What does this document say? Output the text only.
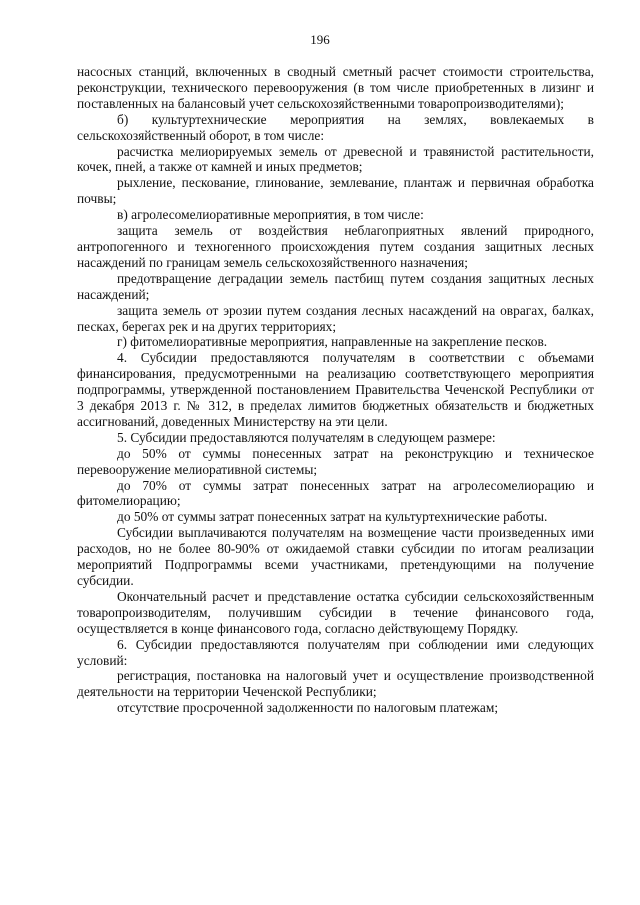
196

насосных станций, включенных в сводный сметный расчет стоимости строительства, реконструкции, технического перевооружения (в том числе приобретенных в лизинг и поставленных на балансовый учет сельскохозяйственными товаропроизводителями);

б) культуртехнические мероприятия на землях, вовлекаемых в сельскохозяйственный оборот, в том числе:

расчистка мелиорируемых земель от древесной и травянистой растительности, кочек, пней, а также от камней и иных предметов;

рыхление, пескование, глинование, землевание, плантаж и первичная обработка почвы;

в) агролесомелиоративные мероприятия, в том числе:

защита земель от воздействия неблагоприятных явлений природного, антропогенного и техногенного происхождения путем создания защитных лесных насаждений по границам земель сельскохозяйственного назначения;

предотвращение деградации земель пастбищ путем создания защитных лесных насаждений;

защита земель от эрозии путем создания лесных насаждений на оврагах, балках, песках, берегах рек и на других территориях;

г) фитомелиоративные мероприятия, направленные на закрепление песков.

4. Субсидии предоставляются получателям в соответствии с объемами финансирования, предусмотренными на реализацию соответствующего мероприятия подпрограммы, утвержденной постановлением Правительства Чеченской Республики от 3 декабря 2013 г. № 312, в пределах лимитов бюджетных обязательств и бюджетных ассигнований, доведенных Министерству на эти цели.

5. Субсидии предоставляются получателям в следующем размере:

до 50% от суммы понесенных затрат на реконструкцию и техническое перевооружение мелиоративной системы;

до 70% от суммы затрат понесенных затрат на агролесомелиорацию и фитомелиорацию;

до 50% от суммы затрат понесенных затрат на культуртехнические работы.

Субсидии выплачиваются получателям на возмещение части произведенных ими расходов, но не более 80-90% от ожидаемой ставки субсидии по итогам реализации мероприятий Подпрограммы всеми участниками, претендующими на получение субсидии.

Окончательный расчет и представление остатка субсидии сельскохозяйственным товаропроизводителям, получившим субсидии в течение финансового года, осуществляется в конце финансового года, согласно действующему Порядку.

6. Субсидии предоставляются получателям при соблюдении ими следующих условий:

регистрация, постановка на налоговый учет и осуществление производственной деятельности на территории Чеченской Республики;

отсутствие просроченной задолженности по налоговым платежам;
